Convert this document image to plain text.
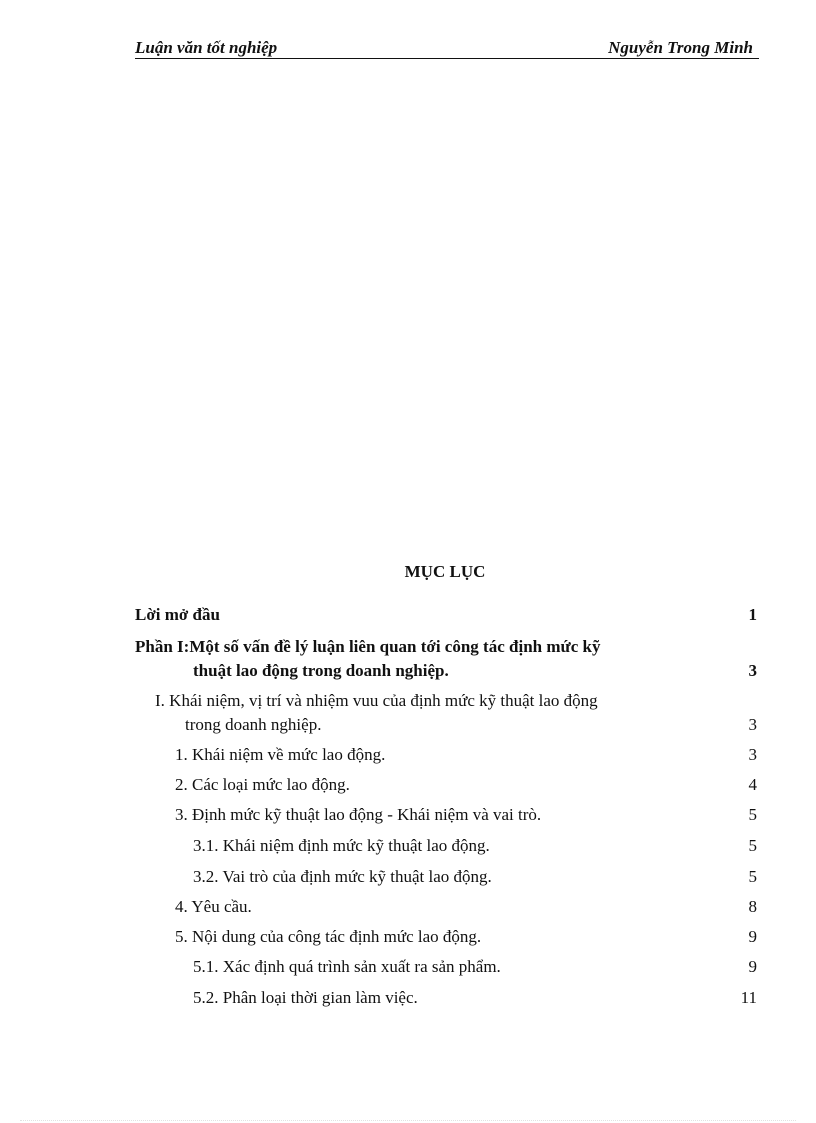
Luận văn tốt nghiệp	Nguyễn Trong Minh
MỤC LỤC
Lời mở đầu	1
Phần I:Một số vấn đề lý luận liên quan tới công tác định mức kỹ
thuật lao động trong doanh nghiệp.	3
I. Khái niệm, vị trí và nhiệm vuu của định mức kỹ thuật lao động
trong doanh nghiệp.	3
1. Khái niệm về mức lao động.	3
2. Các loại mức lao động.	4
3. Định mức kỹ thuật lao động - Khái niệm và vai trò.	5
3.1. Khái niệm định mức kỹ thuật lao động.	5
3.2. Vai trò của định mức kỹ thuật lao động.	5
4. Yêu cầu.	8
5. Nội dung của công tác định mức lao động.	9
5.1. Xác định quá trình sản xuất ra sản phẩm.	9
5.2. Phân loại thời gian làm việc.	11
